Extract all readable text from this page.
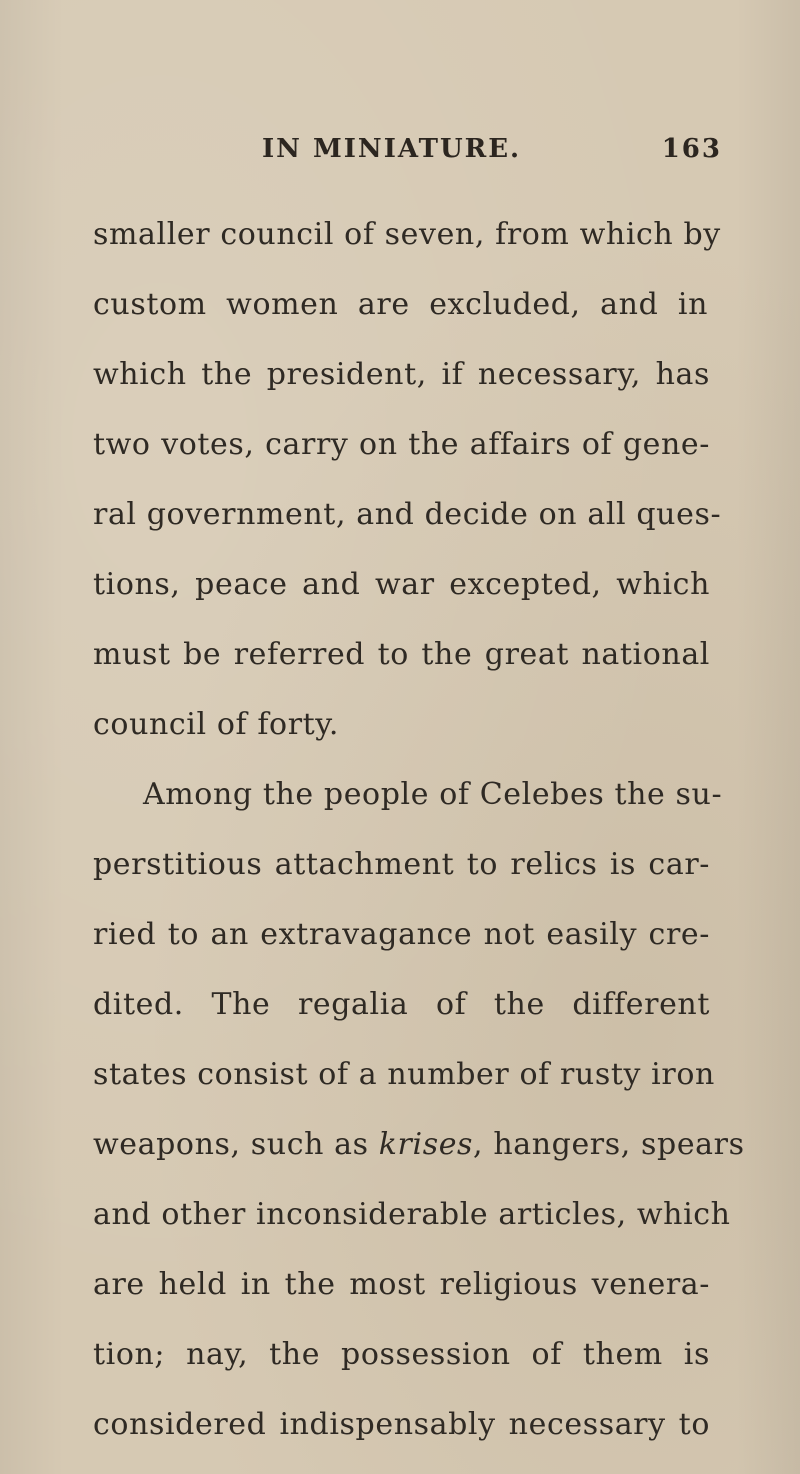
IN MINIATURE.	163
smaller council of seven, from which by
custom women are excluded, and in
which the president, if necessary, has
two votes, carry on the affairs of gene-
ral government, and decide on all ques-
tions, peace and war excepted, which
must be referred to the great national
council of forty.
Among the people of Celebes the su-
perstitious attachment to relics is car-
ried to an extravagance not easily cre-
dited. The regalia of the different
states consist of a number of rusty iron
weapons, such as krises, hangers, spears
and other inconsiderable articles, which
are held in the most religious venera-
tion; nay, the possession of them is
considered indispensably necessary to
